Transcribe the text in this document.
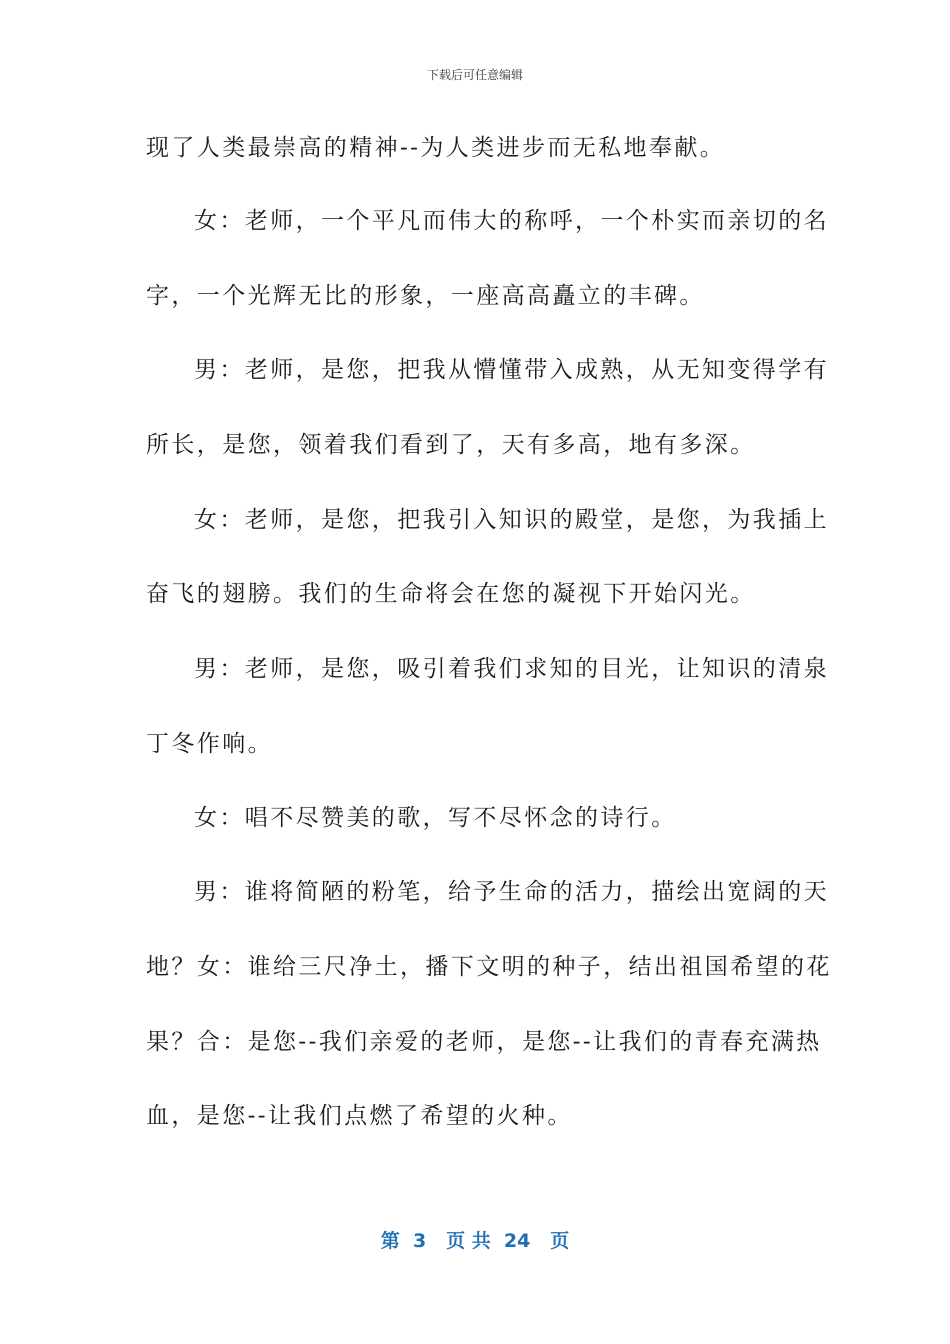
下载后可任意编辑
现了人类最崇高的精神--为人类进步而无私地奉献。
女：老师，一个平凡而伟大的称呼，一个朴实而亲切的名
字，一个光辉无比的形象，一座高高矗立的丰碑。
男：老师，是您，把我从懵懂带入成熟，从无知变得学有
所长，是您，领着我们看到了，天有多高，地有多深。
女：老师，是您，把我引入知识的殿堂，是您，为我插上
奋飞的翅膀。我们的生命将会在您的凝视下开始闪光。
男：老师，是您，吸引着我们求知的目光，让知识的清泉
丁冬作响。
女：唱不尽赞美的歌，写不尽怀念的诗行。
男：谁将简陋的粉笔，给予生命的活力，描绘出宽阔的天
地？女：谁给三尺净土，播下文明的种子，结出祖国希望的花
果？合：是您--我们亲爱的老师，是您--让我们的青春充满热
血，是您--让我们点燃了希望的火种。
第  3   页 共  24   页
